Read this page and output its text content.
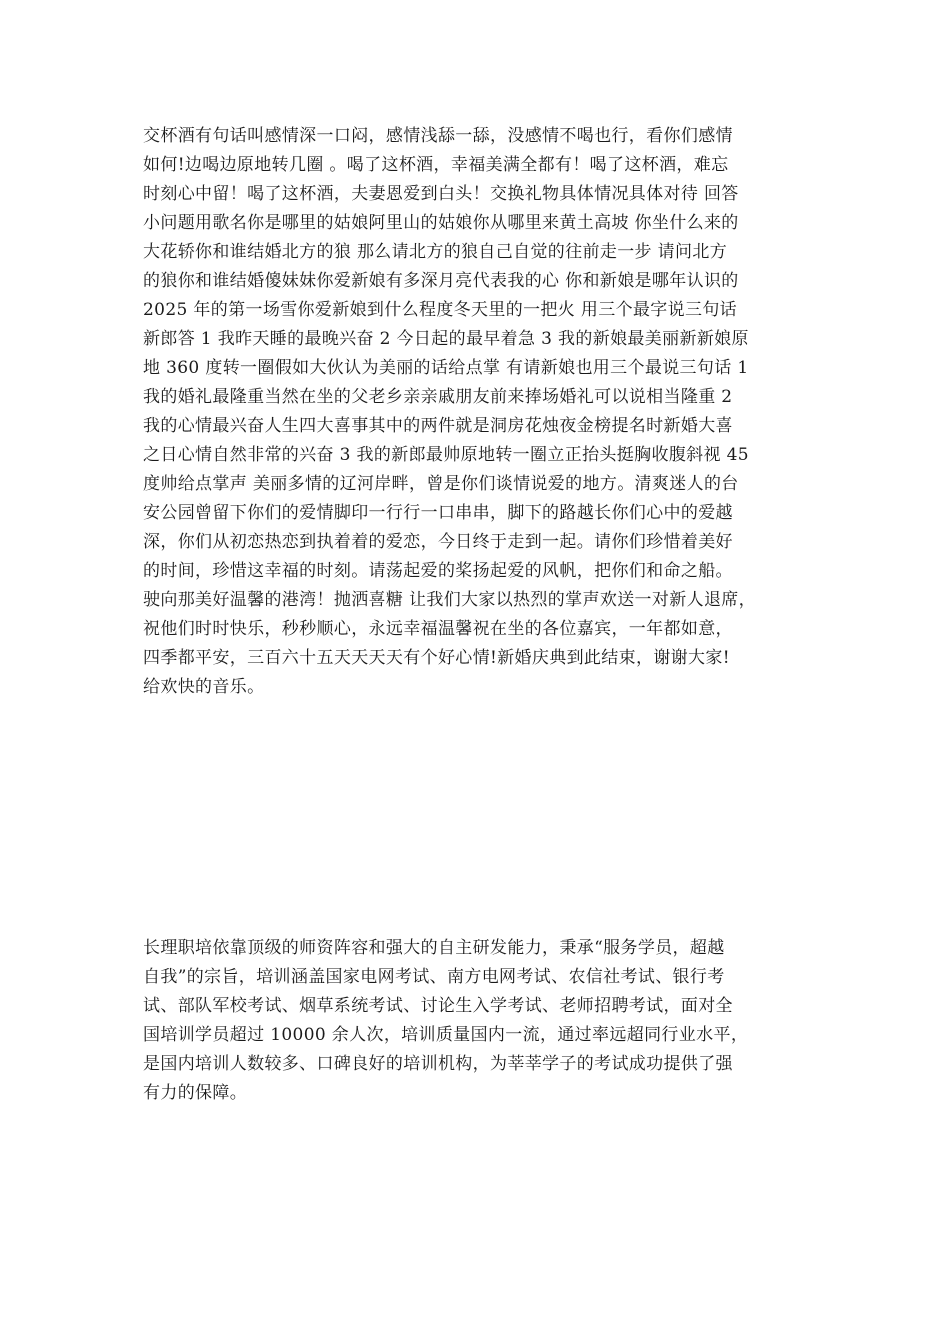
交杯酒有句话叫感情深一口闷，感情浅舔一舔，没感情不喝也行，看你们感情
如何!边喝边原地转几圈 。喝了这杯酒，幸福美满全都有！喝了这杯酒，难忘
时刻心中留！喝了这杯酒，夫妻恩爱到白头！交换礼物具体情况具体对待 回答
小问题用歌名你是哪里的姑娘阿里山的姑娘你从哪里来黄土高坡 你坐什么来的
大花轿你和谁结婚北方的狼 那么请北方的狼自己自觉的往前走一步 请问北方
的狼你和谁结婚傻妹妹你爱新娘有多深月亮代表我的心 你和新娘是哪年认识的
2025 年的第一场雪你爱新娘到什么程度冬天里的一把火 用三个最字说三句话
新郎答 1 我昨天睡的最晚兴奋 2 今日起的最早着急 3 我的新娘最美丽新新娘原
地 360 度转一圈假如大伙认为美丽的话给点掌 有请新娘也用三个最说三句话 1
我的婚礼最隆重当然在坐的父老乡亲亲戚朋友前来捧场婚礼可以说相当隆重 2
我的心情最兴奋人生四大喜事其中的两件就是洞房花烛夜金榜提名时新婚大喜
之日心情自然非常的兴奋 3 我的新郎最帅原地转一圈立正抬头挺胸收腹斜视 45
度帅给点掌声 美丽多情的辽河岸畔，曾是你们谈情说爱的地方。清爽迷人的台
安公园曾留下你们的爱情脚印一行行一口串串，脚下的路越长你们心中的爱越
深，你们从初恋热恋到执着着的爱恋，今日终于走到一起。请你们珍惜着美好
的时间，珍惜这幸福的时刻。请荡起爱的桨扬起爱的风帆，把你们和命之船。
驶向那美好温馨的港湾！抛洒喜糖 让我们大家以热烈的掌声欢送一对新人退席，
祝他们时时快乐，秒秒顺心，永远幸福温馨祝在坐的各位嘉宾，一年都如意，
四季都平安，三百六十五天天天天有个好心情!新婚庆典到此结束，谢谢大家!
给欢快的音乐。
长理职培依靠顶级的师资阵容和强大的自主研发能力，秉承“服务学员，超越
自我”的宗旨，培训涵盖国家电网考试、南方电网考试、农信社考试、银行考
试、部队军校考试、烟草系统考试、讨论生入学考试、老师招聘考试，面对全
国培训学员超过 10000 余人次，培训质量国内一流，通过率远超同行业水平，
是国内培训人数较多、口碑良好的培训机构，为莘莘学子的考试成功提供了强
有力的保障。
